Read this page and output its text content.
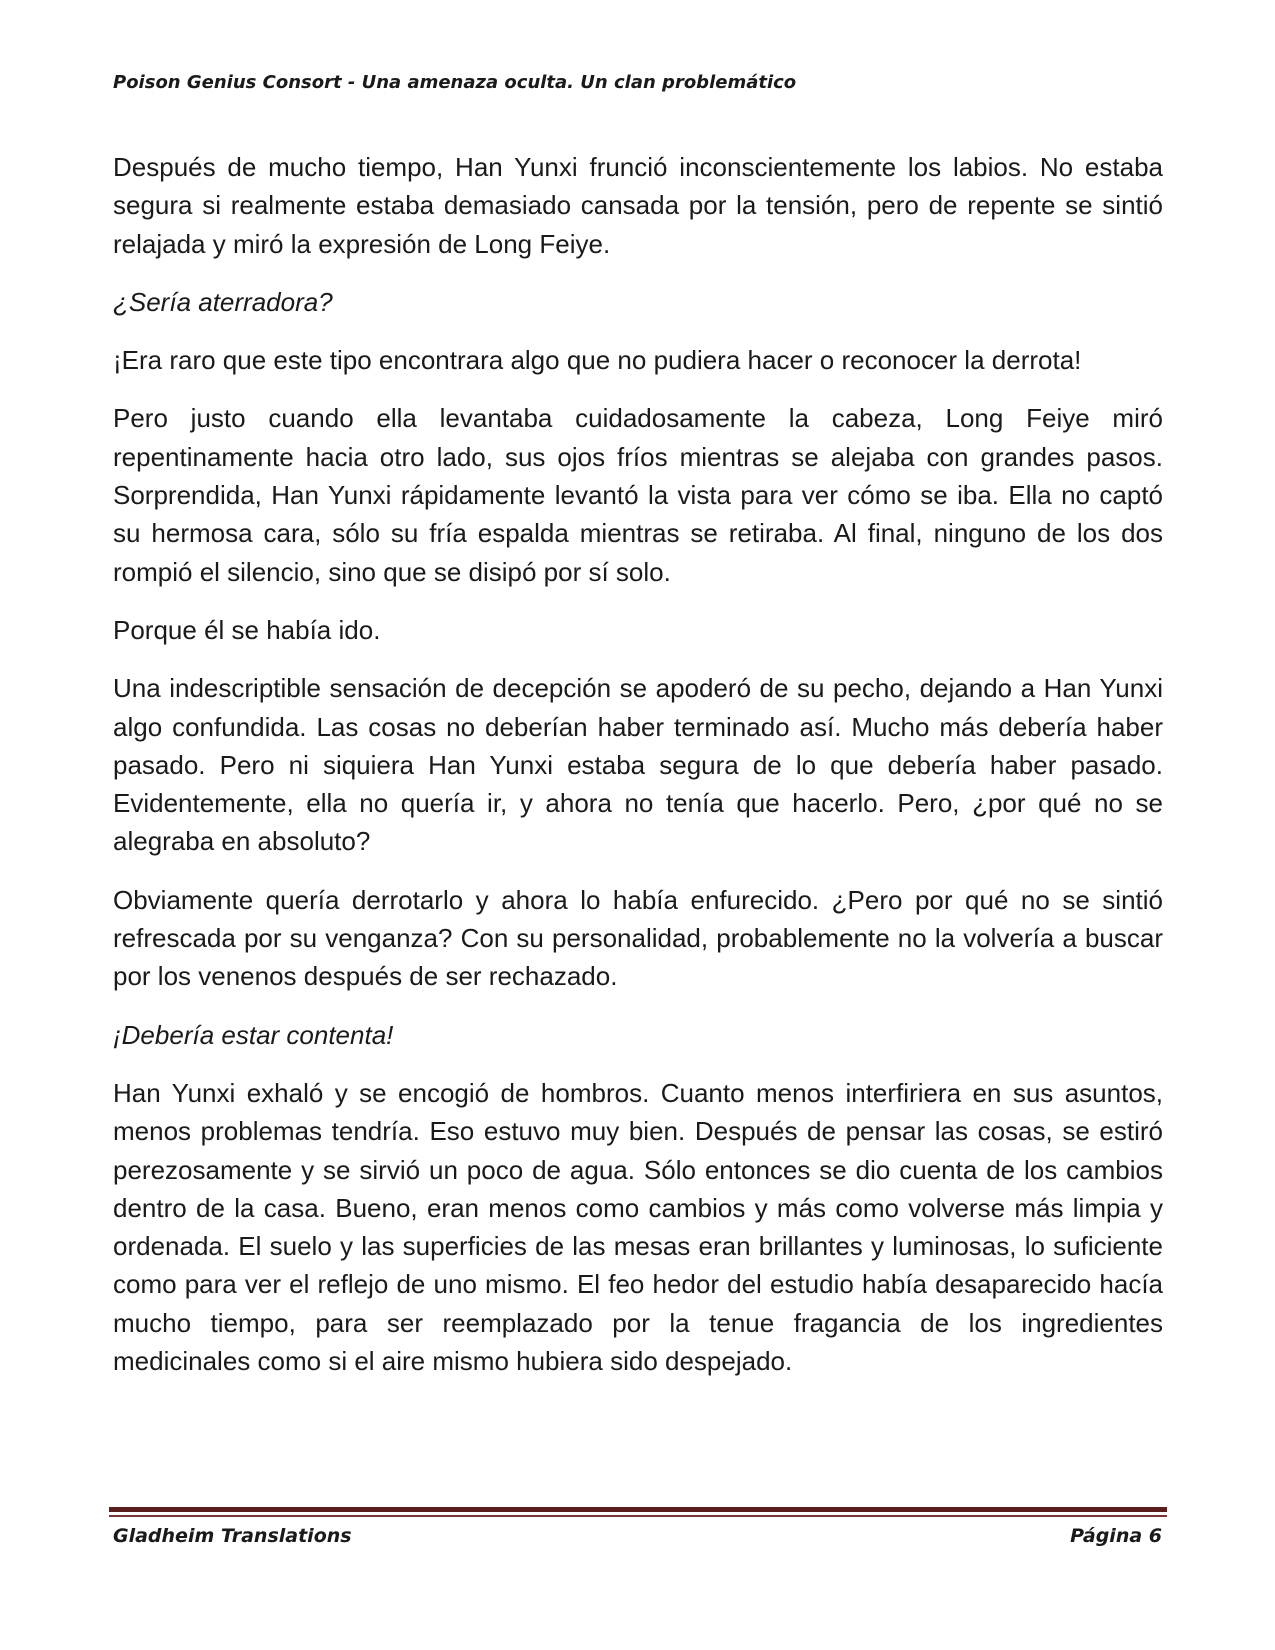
Poison Genius Consort - Una amenaza oculta. Un clan problemático

Después de mucho tiempo, Han Yunxi frunció inconscientemente los labios. No estaba segura si realmente estaba demasiado cansada por la tensión, pero de repente se sintió relajada y miró la expresión de Long Feiye.

¿Sería aterradora?

¡Era raro que este tipo encontrara algo que no pudiera hacer o reconocer la derrota!

Pero justo cuando ella levantaba cuidadosamente la cabeza, Long Feiye miró repentinamente hacia otro lado, sus ojos fríos mientras se alejaba con grandes pasos. Sorprendida, Han Yunxi rápidamente levantó la vista para ver cómo se iba. Ella no captó su hermosa cara, sólo su fría espalda mientras se retiraba. Al final, ninguno de los dos rompió el silencio, sino que se disipó por sí solo.

Porque él se había ido.

Una indescriptible sensación de decepción se apoderó de su pecho, dejando a Han Yunxi algo confundida. Las cosas no deberían haber terminado así. Mucho más debería haber pasado. Pero ni siquiera Han Yunxi estaba segura de lo que debería haber pasado. Evidentemente, ella no quería ir, y ahora no tenía que hacerlo. Pero, ¿por qué no se alegraba en absoluto?

Obviamente quería derrotarlo y ahora lo había enfurecido. ¿Pero por qué no se sintió refrescada por su venganza? Con su personalidad, probablemente no la volvería a buscar por los venenos después de ser rechazado.

¡Debería estar contenta!

Han Yunxi exhaló y se encogió de hombros. Cuanto menos interfiriera en sus asuntos, menos problemas tendría. Eso estuvo muy bien. Después de pensar las cosas, se estiró perezosamente y se sirvió un poco de agua. Sólo entonces se dio cuenta de los cambios dentro de la casa. Bueno, eran menos como cambios y más como volverse más limpia y ordenada. El suelo y las superficies de las mesas eran brillantes y luminosas, lo suficiente como para ver el reflejo de uno mismo. El feo hedor del estudio había desaparecido hacía mucho tiempo, para ser reemplazado por la tenue fragancia de los ingredientes medicinales como si el aire mismo hubiera sido despejado.

Gladheim Translations	Página 6
